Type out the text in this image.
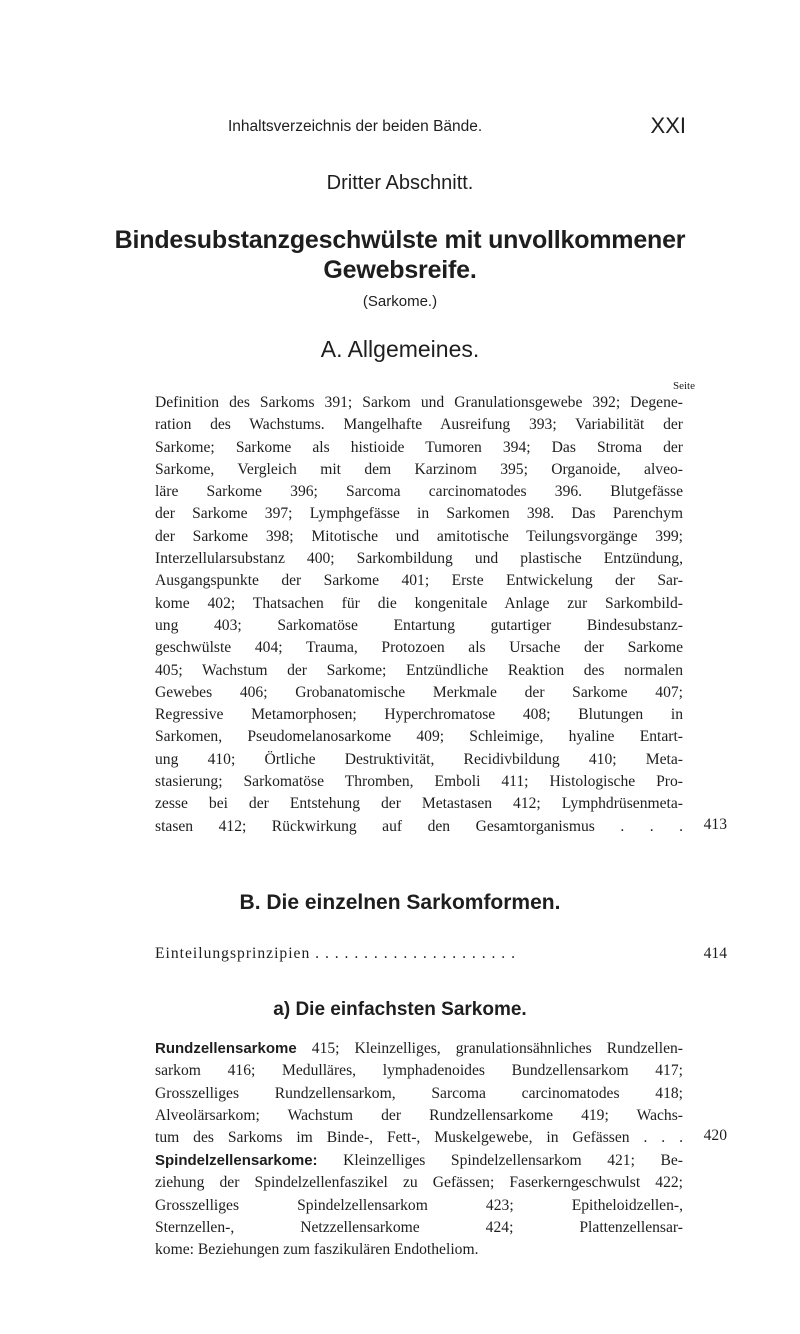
Inhaltsverzeichnis der beiden Bände.	XXI
Dritter Abschnitt.
Bindesubstanzgeschwülste mit unvollkommener
Gewebsreife.
(Sarkome.)
A. Allgemeines.
Seite
Definition des Sarkoms 391; Sarkom und Granulationsgewebe 392; Degene-
ration des Wachstums. Mangelhafte Ausreifung 393; Variabilität der
Sarkome; Sarkome als histioide Tumoren 394; Das Stroma der
Sarkome, Vergleich mit dem Karzinom 395; Organoide, alveo-
läre Sarkome 396; Sarcoma carcinomatodes 396. Blutgefässe
der Sarkome 397; Lymphgefässe in Sarkomen 398. Das Parenchym
der Sarkome 398; Mitotische und amitotische Teilungsvorgänge 399;
Interzellularsubstanz 400; Sarkombildung und plastische Entzündung,
Ausgangspunkte der Sarkome 401; Erste Entwickelung der Sar-
kome 402; Thatsachen für die kongenitale Anlage zur Sarkombild-
ung 403; Sarkomatöse Entartung gutartiger Bindesubstanz-
geschwülste 404; Trauma, Protozoen als Ursache der Sarkome
405; Wachstum der Sarkome; Entzündliche Reaktion des normalen
Gewebes 406; Grobanatomische Merkmale der Sarkome 407;
Regressive Metamorphosen; Hyperchromatose 408; Blutungen in
Sarkomen, Pseudomelanosarkome 409; Schleimige, hyaline Entart-
ung 410; Örtliche Destruktivität, Recidivbildung 410; Meta-
stasierung; Sarkomatöse Thromben, Emboli 411; Histologische Pro-
zesse bei der Entstehung der Metastasen 412; Lymphdrüsenmeta-
stasen 412; Rückwirkung auf den Gesamtorganismus . . .	413
B. Die einzelnen Sarkomformen.
Einteilungsprinzipien . . . . . . . . . . . . . . . . . . . . .	414
a) Die einfachsten Sarkome.
Rundzellensarkome 415; Kleinzelliges, granulationsähnliches Rundzellen-
sarkom 416; Medulläres, lymphadenoides Bundzellensarkom 417;
Grosszelliges Rundzellensarkom, Sarcoma carcinomatodes 418;
Alveolärsarkom; Wachstum der Rundzellensarkome 419; Wachs-
tum des Sarkoms im Binde-, Fett-, Muskelgewebe, in Gefässen . . .	420
Spindelzellensarkome: Kleinzelliges Spindelzellensarkom 421; Be-
ziehung der Spindelzellenfaszikel zu Gefässen; Faserkerngeschwulst 422;
Grosszelliges Spindelzellensarkom 423; Epitheloidzellen-,
Sternzellen-, Netzzellensarkome 424; Plattenzellensar-
kome: Beziehungen zum faszikulären Endotheliom.
